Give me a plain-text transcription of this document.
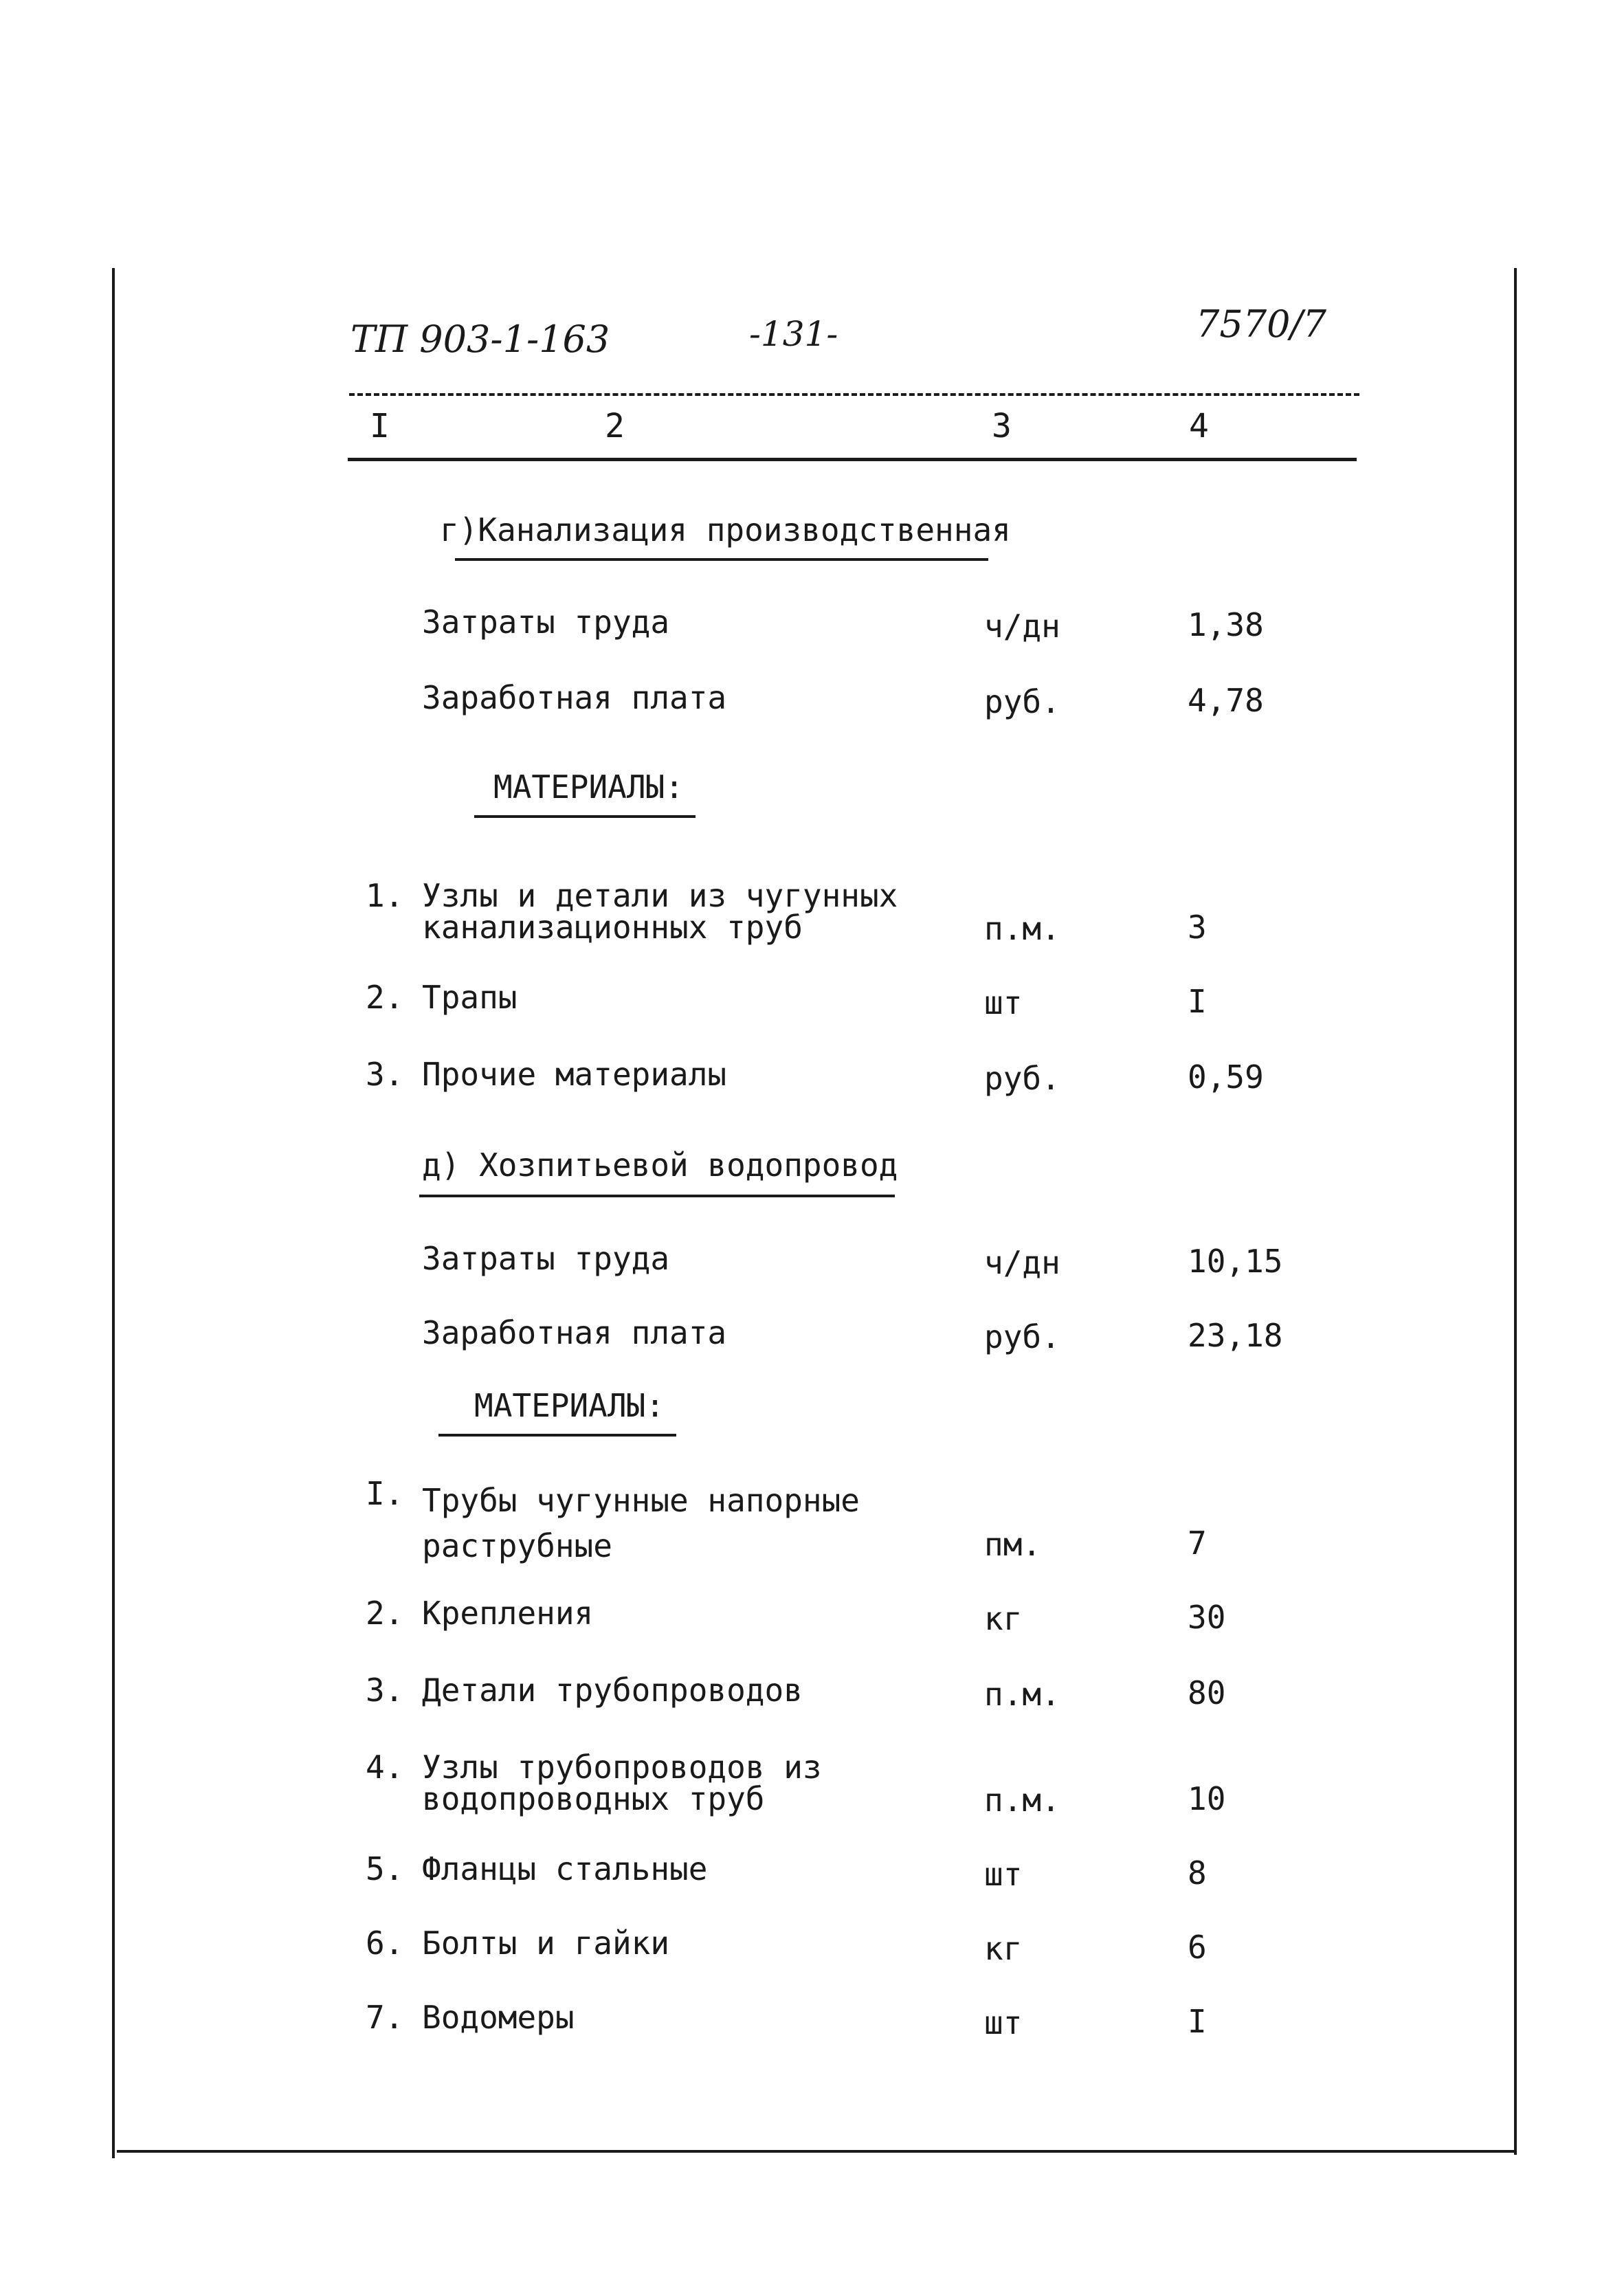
ТП 903-1-163	-131-	7570/7
I	2	3	4
г)Канализация производственная
Затраты труда	ч/дн	1,38
Заработная плата	руб.	4,78
МАТЕРИАЛЫ:
1. Узлы и детали из чугунных
канализационных труб	п.м.	3
2. Трапы	шт	I
3. Прочие материалы	руб.	0,59
д) Хозпитьевой водопровод
Затраты труда	ч/дн	10,15
Заработная плата	руб.	23,18
МАТЕРИАЛЫ:
I. Трубы чугунные напорные
раструбные	пм.	7
2. Крепления	кг	30
3. Детали трубопроводов	п.м.	80
4. Узлы трубопроводов из
водопроводных труб	п.м.	10
5. Фланцы стальные	шт	8
6. Болты и гайки	кг	6
7. Водомеры	шт	I
